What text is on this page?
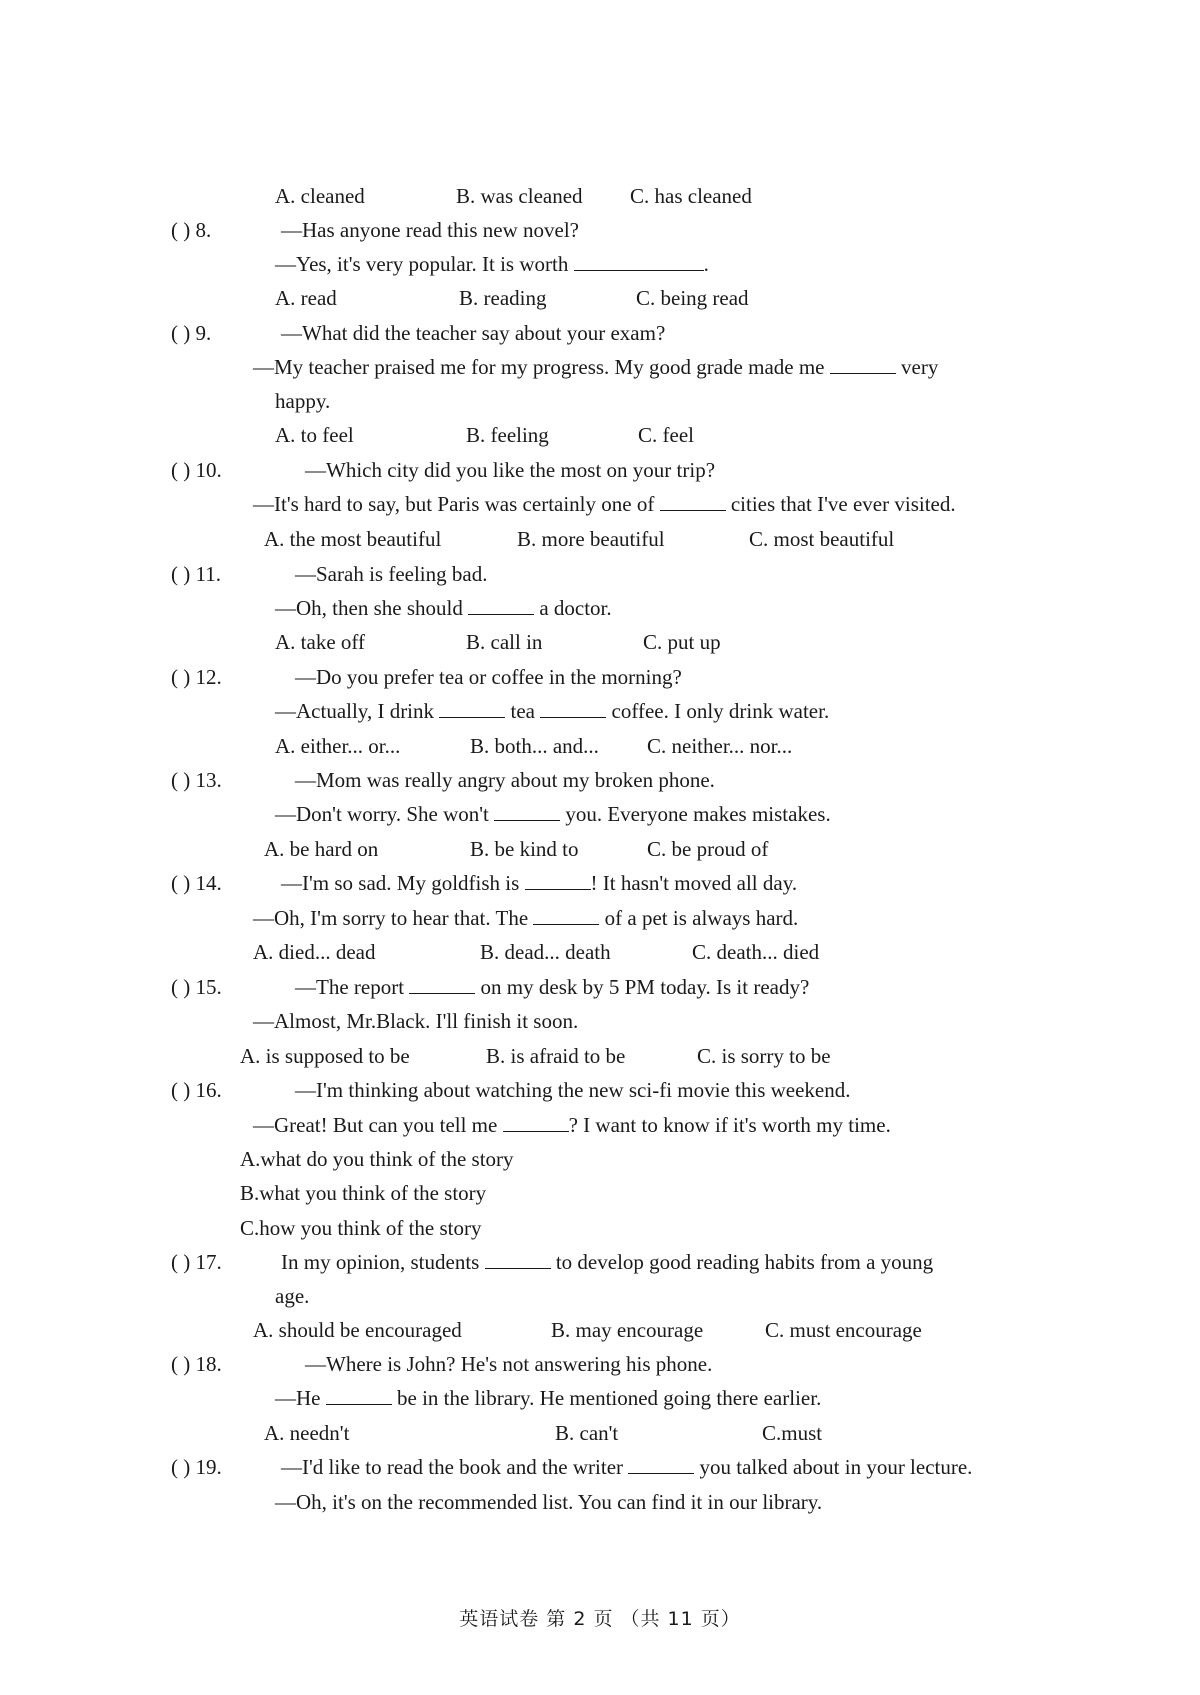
A. cleaned	B. was cleaned C. has cleaned
( ) 8.	—Has anyone read this new novel?
—Yes, it's very popular. It is worth	.
A. read	B. reading	C. being read
( ) 9.	—What did the teacher say about your exam?
—My teacher praised me for my progress. My good grade made me	very
happy.
A. to feel	B. feeling	C. feel
( ) 10.	—Which city did you like the most on your trip?
—It's hard to say, but Paris was certainly one of	cities that I've ever visited.
A. the most beautiful	B. more beautiful	C. most beautiful
( ) 11.	—Sarah is feeling bad.
—Oh, then she should	a doctor.
A. take off	B. call in	C. put up
( ) 12.	—Do you prefer tea or coffee in the morning?
—Actually, I drink	tea	coffee. I only drink water.
A. either... or...	B. both... and... C. neither... nor...
( ) 13.	—Mom was really angry about my broken phone.
—Don't worry. She won't	you. Everyone makes mistakes.
A. be hard on	B. be kind to	C. be proud of
( ) 14.	—I'm so sad. My goldfish is	! It hasn't moved all day.
—Oh, I'm sorry to hear that. The	of a pet is always hard.
A. died... dead	B. dead... death	C. death... died
( ) 15.	—The report	on my desk by 5 PM today. Is it ready?
—Almost, Mr.Black. I'll finish it soon.
A. is supposed to be	B. is afraid to be	C. is sorry to be
( ) 16.	—I'm thinking about watching the new sci-fi movie this weekend.
—Great! But can you tell me	? I want to know if it's worth my time.
A.what do you think of the story
B.what you think of the story
C.how you think of the story
( ) 17.	In my opinion, students	to develop good reading habits from a young
age.
A. should be encouraged	B. may encourage	C. must encourage
( ) 18.	—Where is John? He's not answering his phone.
—He	be in the library. He mentioned going there earlier.
A. needn't	B. can't	C.must
( ) 19.	—I'd like to read the book and the writer	you talked about in your lecture.
—Oh, it's on the recommended list. You can find it in our library.
英语试卷 第 2 页 （共 11 页）
